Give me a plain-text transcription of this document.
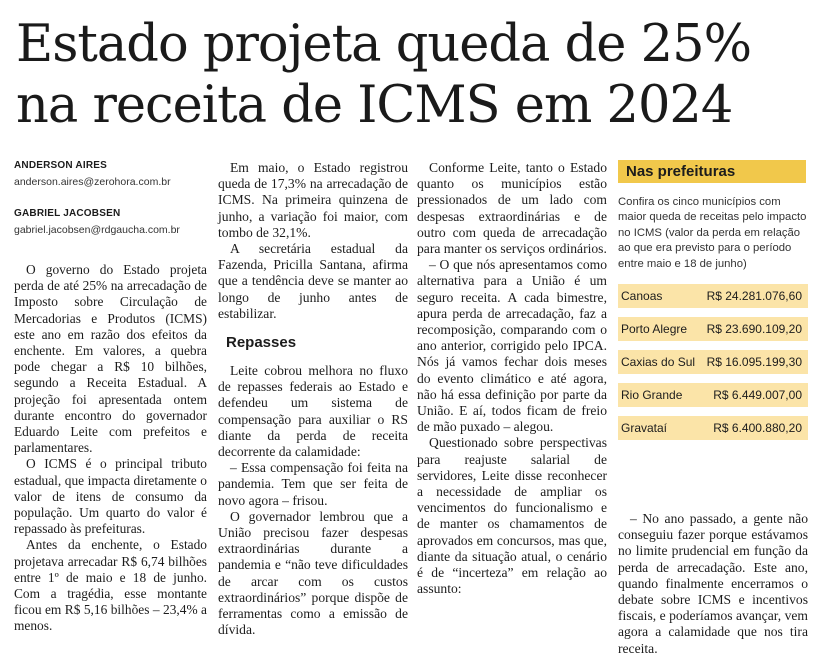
Estado projeta queda de 25%
na receita de ICMS em 2024
ANDERSON AIRES
anderson.aires@zerohora.com.br
GABRIEL JACOBSEN
gabriel.jacobsen@rdgaucha.com.br

O governo do Estado projeta perda de até 25% na arrecadação de Imposto sobre Circulação de Mercadorias e Produtos (ICMS) este ano em razão dos efeitos da enchente. Em valores, a quebra pode chegar a R$ 10 bilhões, segundo a Receita Estadual. A projeção foi apresentada ontem durante encontro do governador Eduardo Leite com prefeitos e parlamentares.

O ICMS é o principal tributo estadual, que impacta diretamente o valor de itens de consumo da população. Um quarto do valor é repassado às prefeituras.

Antes da enchente, o Estado projetava arrecadar R$ 6,74 bilhões entre 1º de maio e 18 de junho. Com a tragédia, esse montante ficou em R$ 5,16 bilhões – 23,4% a menos.

Em maio, o Estado registrou queda de 17,3% na arrecadação de ICMS. Na primeira quinzena de junho, a variação foi maior, com tombo de 32,1%.

A secretária estadual da Fazenda, Pricilla Santana, afirma que a tendência deve se manter ao longo de junho antes de estabilizar.

Repasses

Leite cobrou melhora no fluxo de repasses federais ao Estado e defendeu um sistema de compensação para auxiliar o RS diante da perda de receita decorrente da calamidade:

– Essa compensação foi feita na pandemia. Tem que ser feita de novo agora – frisou.

O governador lembrou que a União precisou fazer despesas extraordinárias durante a pandemia e “não teve dificuldades de arcar com os custos extraordinários” porque dispõe de ferramentas como a emissão de dívida.

Conforme Leite, tanto o Estado quanto os municípios estão pressionados de um lado com despesas extraordinárias e de outro com queda de arrecadação para manter os serviços ordinários.

– O que nós apresentamos como alternativa para a União é um seguro receita. A cada bimestre, apura perda de arrecadação, faz a recomposição, comparando com o ano anterior, corrigido pelo IPCA. Nós já vamos fechar dois meses do evento climático e até agora, não há essa definição por parte da União. E aí, todos ficam de freio de mão puxado – alegou.

Questionado sobre perspectivas para reajuste salarial de servidores, Leite disse reconhecer a necessidade de ampliar os vencimentos do funcionalismo e de manter os chamamentos de aprovados em concursos, mas que, diante da situação atual, o cenário é de “incerteza” em relação ao assunto:

Nas prefeituras
Confira os cinco municípios com maior queda de receitas pelo impacto no ICMS (valor da perda em relação ao que era previsto para o período entre maio e 18 de junho)
Canoas	R$ 24.281.076,60
Porto Alegre R$ 23.690.109,20
Caxias do Sul R$ 16.095.199,30
Rio Grande	R$ 6.449.007,00
Gravataí	R$ 6.400.880,20

– No ano passado, a gente não conseguiu fazer porque estávamos no limite prudencial em função da perda de arrecadação. Este ano, quando finalmente encerramos o debate sobre ICMS e incentivos fiscais, e poderíamos avançar, vem agora a calamidade que nos tira receita.
